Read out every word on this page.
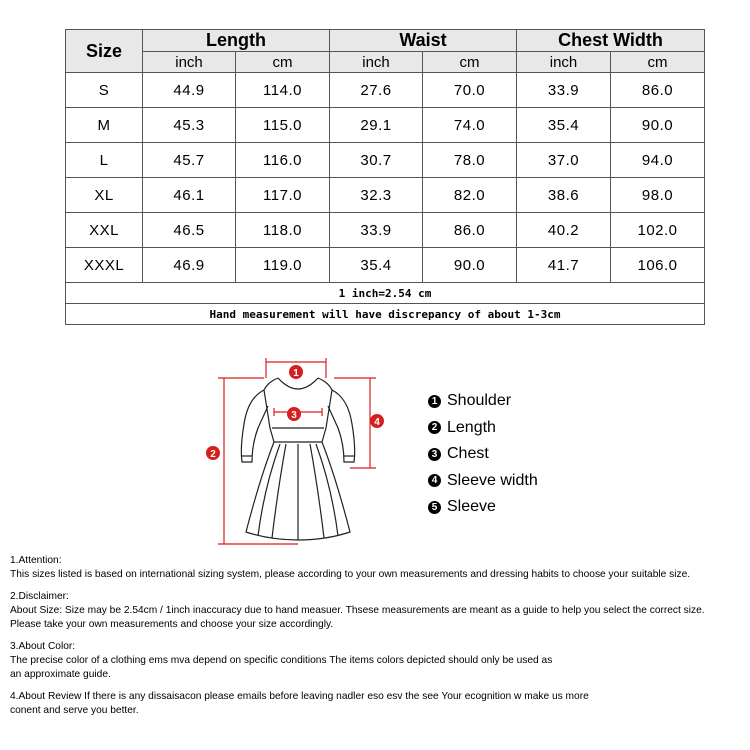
Size	Length		Waist		Chest Width	
	inch	cm	inch	cm	inch	cm
S	44.9	114.0	27.6	70.0	33.9	86.0
M	45.3	115.0	29.1	74.0	35.4	90.0
L	45.7	116.0	30.7	78.0	37.0	94.0
XL	46.1	117.0	32.3	82.0	38.6	98.0
XXL	46.5	118.0	33.9	86.0	40.2	102.0
XXXL	46.9	119.0	35.4	90.0	41.7	106.0
1 inch=2.54 cm						
Hand measurement will have discrepancy of about 1-3cm						
1
2
3
4
1 Shoulder
2 Length
3 Chest
4 Sleeve width
5 Sleeve
1.Attention:
This sizes listed is based on international sizing system, please according to your own measurements and dressing habits to choose your suitable size.
2.Disclaimer:
About Size: Size may be 2.54cm / 1inch inaccuracy due to hand measuer. Thsese measurements are meant as a guide to help you select the correct size.
Please take your own measurements and choose your size accordingly.
3.About Color:
The precise color of a clothing ems mva depend on specific conditions The items colors depicted should only be used as
an approximate guide.
4.About Review If there is any dissaisacon please emails before leaving nadler eso esv the see Your ecognition w make us more
conent and serve you better.
